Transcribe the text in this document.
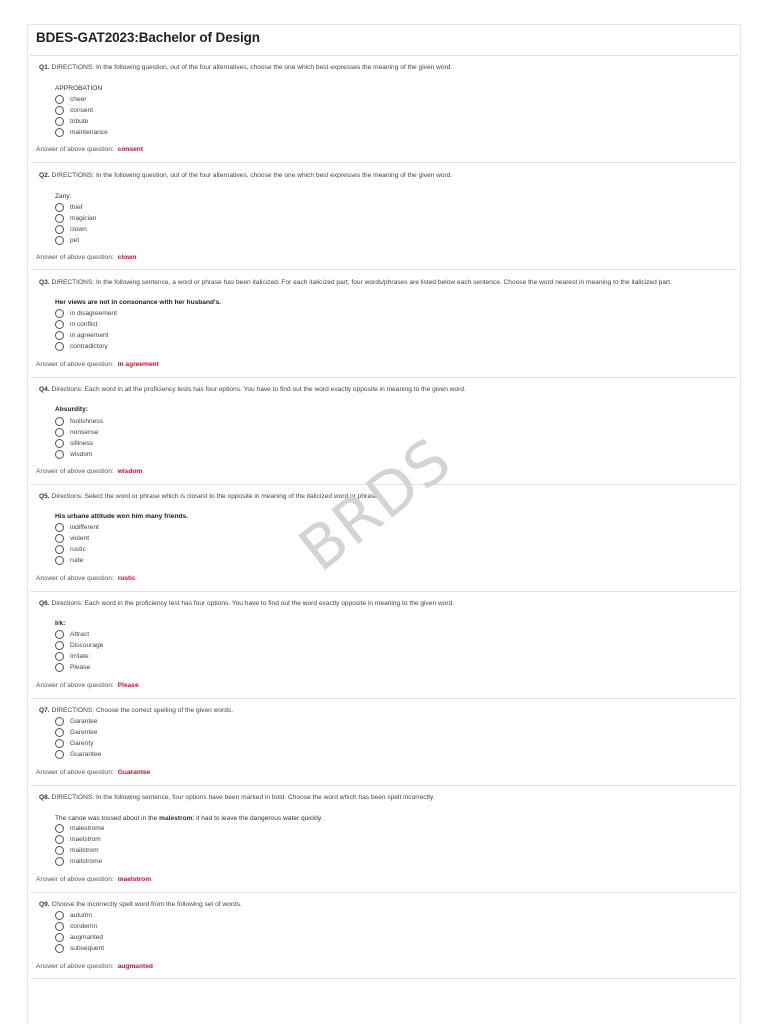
BDES-GAT2023:Bachelor of Design
Q1. DIRECTIONS: In the following question, out of the four alternatives, choose the one which best expresses the meaning of the given word.
APPROBATION
cheer
consent
tribute
maintenance
Answer of above question: consent
Q2. DIRECTIONS: In the following question, out of the four alternatives, choose the one which best expresses the meaning of the given word.
Zany:
thief
magician
clown
pet
Answer of above question: clown
Q3. DIRECTIONS: In the following sentence, a word or phrase has been italicized. For each italicized part, four words/phrases are listed below each sentence. Choose the word nearest in meaning to the italicized part.
Her views are not in consonance with her husband's.
in disagreement
in conflict
in agreement
contradictory
Answer of above question: in agreement
Q4. Directions: Each word in all the proficiency tests has four options. You have to find out the word exactly opposite in meaning to the given word.
Absurdity:
foolishness
nonsense
silliness
wisdom
Answer of above question: wisdom
Q5. Directions: Select the word or phrase which is closest to the opposite in meaning of the italicized word or phrase.
His urbane attitude won him many friends.
indifferent
violent
rustic
rude
Answer of above question: rustic
Q6. Directions: Each word in the proficiency test has four options. You have to find out the word exactly opposite in meaning to the given word.
Irk:
Attract
Discourage
Irritate
Please
Answer of above question: Please
Q7. DIRECTIONS: Choose the correct spelling of the given words.
Garantee
Garentee
Garenty
Guarantee
Answer of above question: Guarantee
Q8. DIRECTIONS: In the following sentence, four options have been marked in bold. Choose the word which has been spelt incorrectly.
The canoe was tossed about in the malestrom; it had to leave the dangerous water quickly.
malestrome
maelstrom
mailstrom
mailstrome
Answer of above question: maelstrom
Q9. Choose the incorrectly spelt word from the following set of words.
autumn
condemn
augmanted
subsequent
Answer of above question: augmanted
BRDS
